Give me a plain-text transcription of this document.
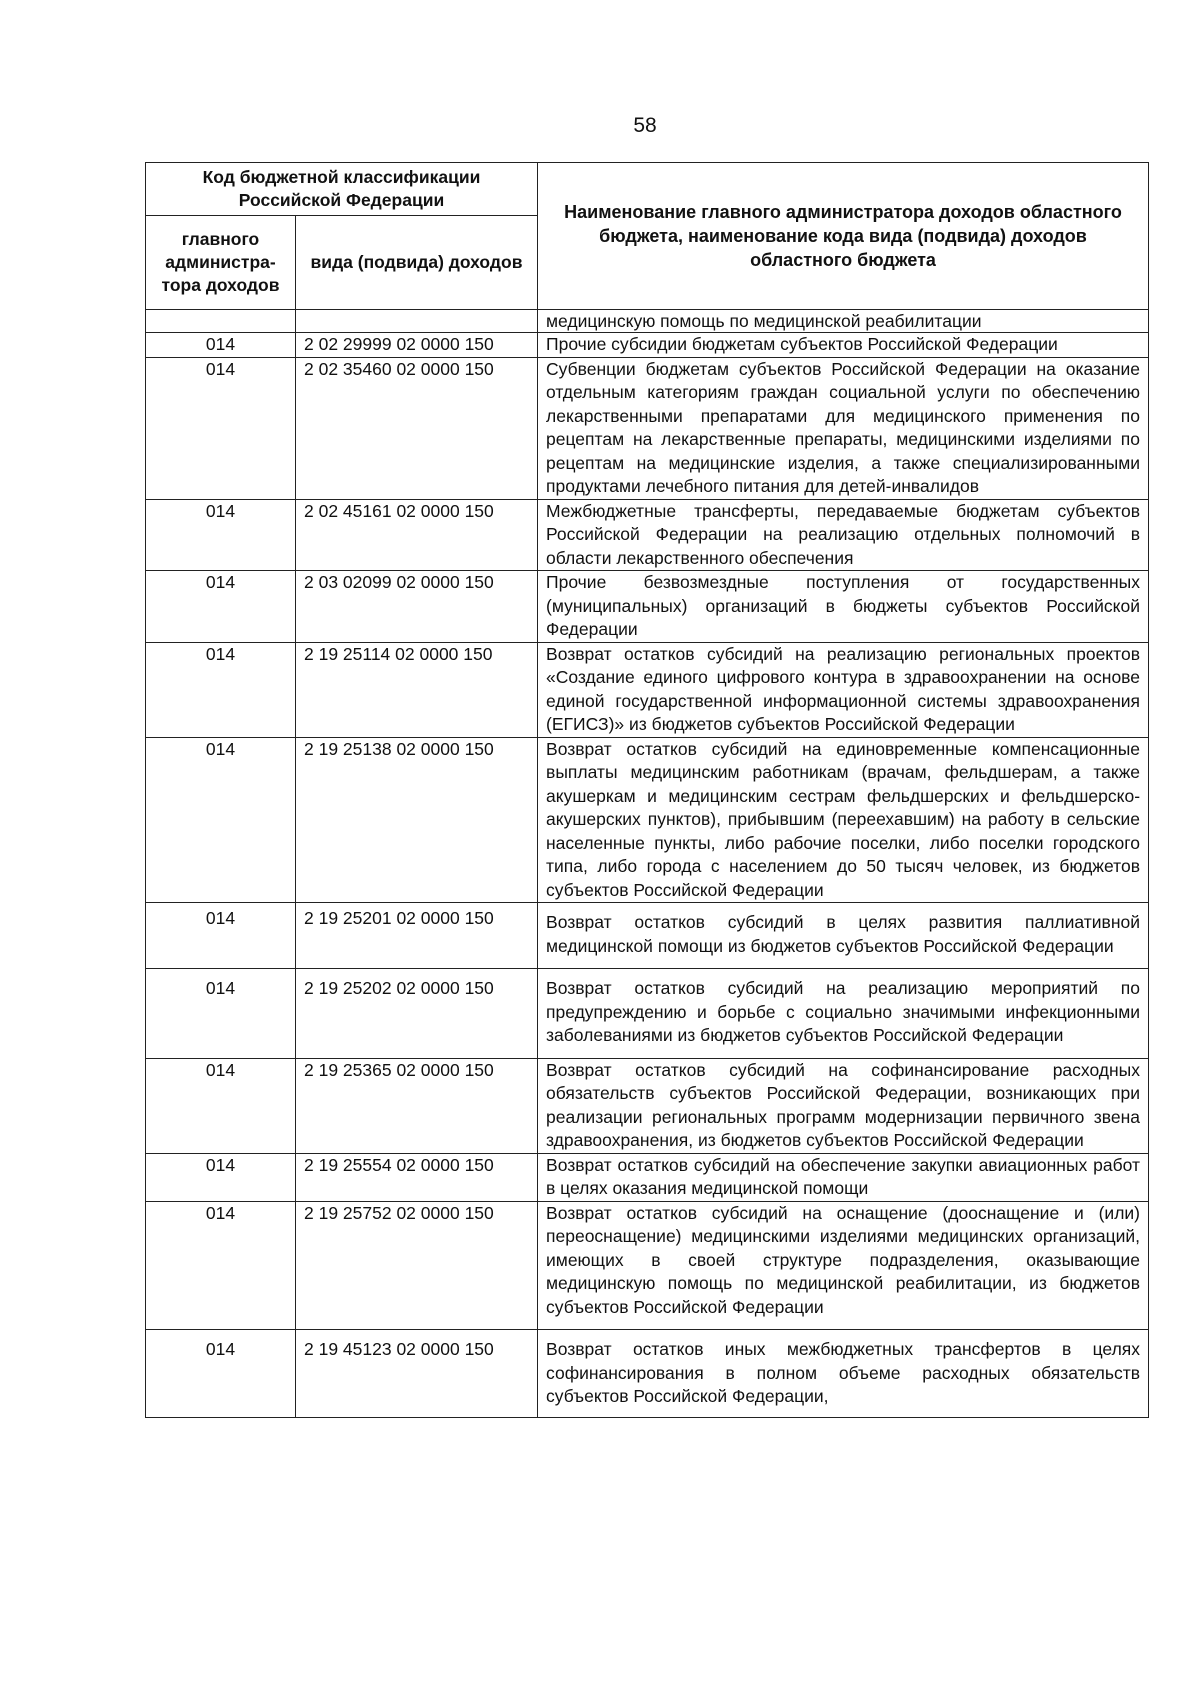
58
Код бюджетной классификации Российской Федерации		Наименование главного администратора доходов областного бюджета, наименование кода вида (подвида) доходов областного бюджета
главного администра-тора доходов	вида (подвида) доходов	
		медицинскую помощь по медицинской реабилитации
014	2 02 29999 02 0000 150	Прочие субсидии бюджетам субъектов Российской Федерации
014	2 02 35460 02 0000 150	Субвенции бюджетам субъектов Российской Федерации на оказание отдельным категориям граждан социальной услуги по обеспечению лекарственными препаратами для медицинского применения по рецептам на лекарственные препараты, медицинскими изделиями по рецептам на медицинские изделия, а также специализированными продуктами лечебного питания для детей-инвалидов
014	2 02 45161 02 0000 150	Межбюджетные трансферты, передаваемые бюджетам субъектов Российской Федерации на реализацию отдельных полномочий в области лекарственного обеспечения
014	2 03 02099 02 0000 150	Прочие безвозмездные поступления от государственных (муниципальных) организаций в бюджеты субъектов Российской Федерации
014	2 19 25114 02 0000 150	Возврат остатков субсидий на реализацию региональных проектов «Создание единого цифрового контура в здравоохранении на основе единой государственной информационной системы здравоохранения (ЕГИСЗ)» из бюджетов субъектов Российской Федерации
014	2 19 25138 02 0000 150	Возврат остатков субсидий на единовременные компенсационные выплаты медицинским работникам (врачам, фельдшерам, а также акушеркам и медицинским сестрам фельдшерских и фельдшерско-акушерских пунктов), прибывшим (переехавшим) на работу в сельские населенные пункты, либо рабочие поселки, либо поселки городского типа, либо города с населением до 50 тысяч человек, из бюджетов субъектов Российской Федерации
014	2 19 25201 02 0000 150	Возврат остатков субсидий в целях развития паллиативной медицинской помощи из бюджетов субъектов Российской Федерации
014	2 19 25202 02 0000 150	Возврат остатков субсидий на реализацию мероприятий по предупреждению и борьбе с социально значимыми инфекционными заболеваниями из бюджетов субъектов Российской Федерации
014	2 19 25365 02 0000 150	Возврат остатков субсидий на софинансирование расходных обязательств субъектов Российской Федерации, возникающих при реализации региональных программ модернизации первичного звена здравоохранения, из бюджетов субъектов Российской Федерации
014	2 19 25554 02 0000 150	Возврат остатков субсидий на обеспечение закупки авиационных работ в целях оказания медицинской помощи
014	2 19 25752 02 0000 150	Возврат остатков субсидий на оснащение (дооснащение и (или) переоснащение) медицинскими изделиями медицинских организаций, имеющих в своей структуре подразделения, оказывающие медицинскую помощь по медицинской реабилитации, из бюджетов субъектов Российской Федерации
014	2 19 45123 02 0000 150	Возврат остатков иных межбюджетных трансфертов в целях софинансирования в полном объеме расходных обязательств субъектов Российской Федерации,
